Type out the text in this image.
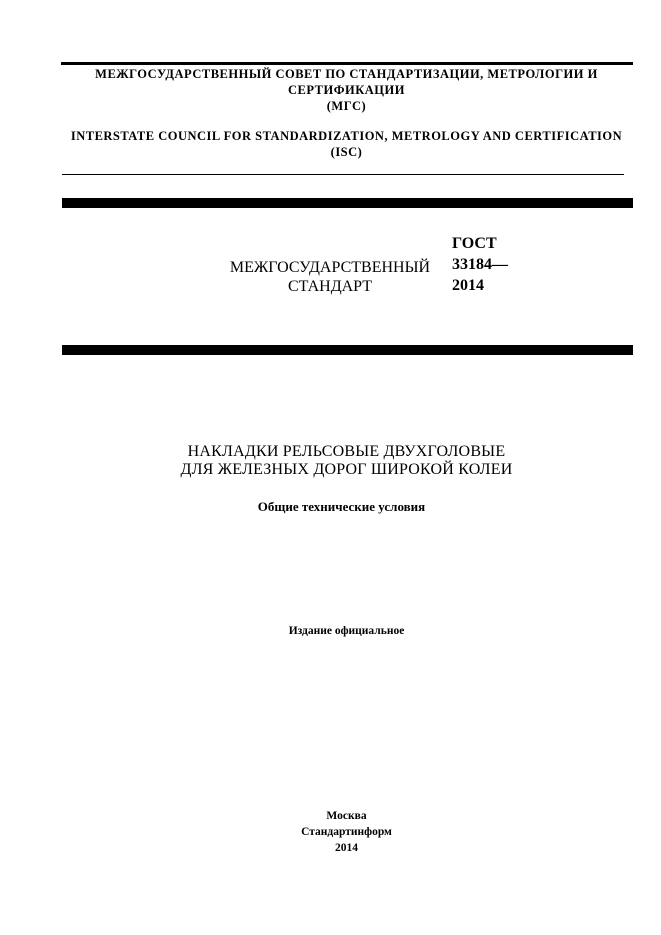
МЕЖГОСУДАРСТВЕННЫЙ СОВЕТ ПО СТАНДАРТИЗАЦИИ, МЕТРОЛОГИИ И
СЕРТИФИКАЦИИ
(МГС)
INTERSTATE COUNCIL FOR STANDARDIZATION, METROLOGY AND CERTIFICATION
(ISC)
МЕЖГОСУДАРСТВЕННЫЙ
СТАНДАРТ
ГОСТ
33184—
2014
НАКЛАДКИ РЕЛЬСОВЫЕ ДВУХГОЛОВЫЕ
ДЛЯ ЖЕЛЕЗНЫХ ДОРОГ ШИРОКОЙ КОЛЕИ
Общие технические условия
Издание официальное
Москва
Стандартинформ
2014
